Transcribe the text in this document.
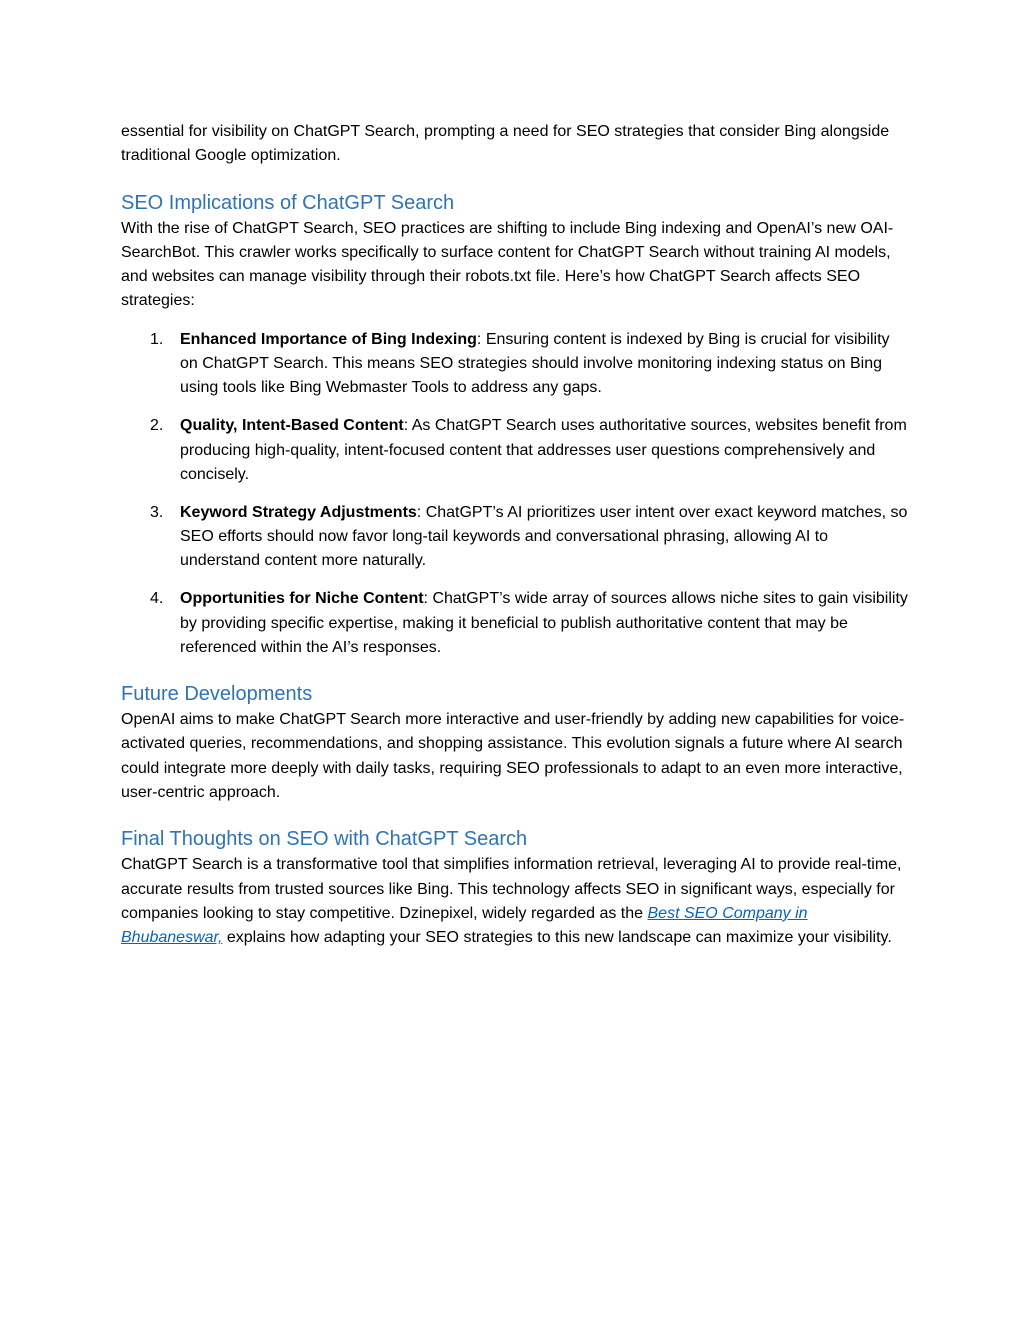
essential for visibility on ChatGPT Search, prompting a need for SEO strategies that consider Bing alongside traditional Google optimization.

SEO Implications of ChatGPT Search

With the rise of ChatGPT Search, SEO practices are shifting to include Bing indexing and OpenAI’s new OAI-SearchBot. This crawler works specifically to surface content for ChatGPT Search without training AI models, and websites can manage visibility through their robots.txt file. Here’s how ChatGPT Search affects SEO strategies:

1. Enhanced Importance of Bing Indexing: Ensuring content is indexed by Bing is crucial for visibility on ChatGPT Search. This means SEO strategies should involve monitoring indexing status on Bing using tools like Bing Webmaster Tools to address any gaps.
2. Quality, Intent-Based Content: As ChatGPT Search uses authoritative sources, websites benefit from producing high-quality, intent-focused content that addresses user questions comprehensively and concisely.
3. Keyword Strategy Adjustments: ChatGPT’s AI prioritizes user intent over exact keyword matches, so SEO efforts should now favor long-tail keywords and conversational phrasing, allowing AI to understand content more naturally.
4. Opportunities for Niche Content: ChatGPT’s wide array of sources allows niche sites to gain visibility by providing specific expertise, making it beneficial to publish authoritative content that may be referenced within the AI’s responses.
Future Developments

OpenAI aims to make ChatGPT Search more interactive and user-friendly by adding new capabilities for voice-activated queries, recommendations, and shopping assistance. This evolution signals a future where AI search could integrate more deeply with daily tasks, requiring SEO professionals to adapt to an even more interactive, user-centric approach.

Final Thoughts on SEO with ChatGPT Search

ChatGPT Search is a transformative tool that simplifies information retrieval, leveraging AI to provide real-time, accurate results from trusted sources like Bing. This technology affects SEO in significant ways, especially for companies looking to stay competitive. Dzinepixel, widely regarded as the Best SEO Company in Bhubaneswar, explains how adapting your SEO strategies to this new landscape can maximize your visibility.
